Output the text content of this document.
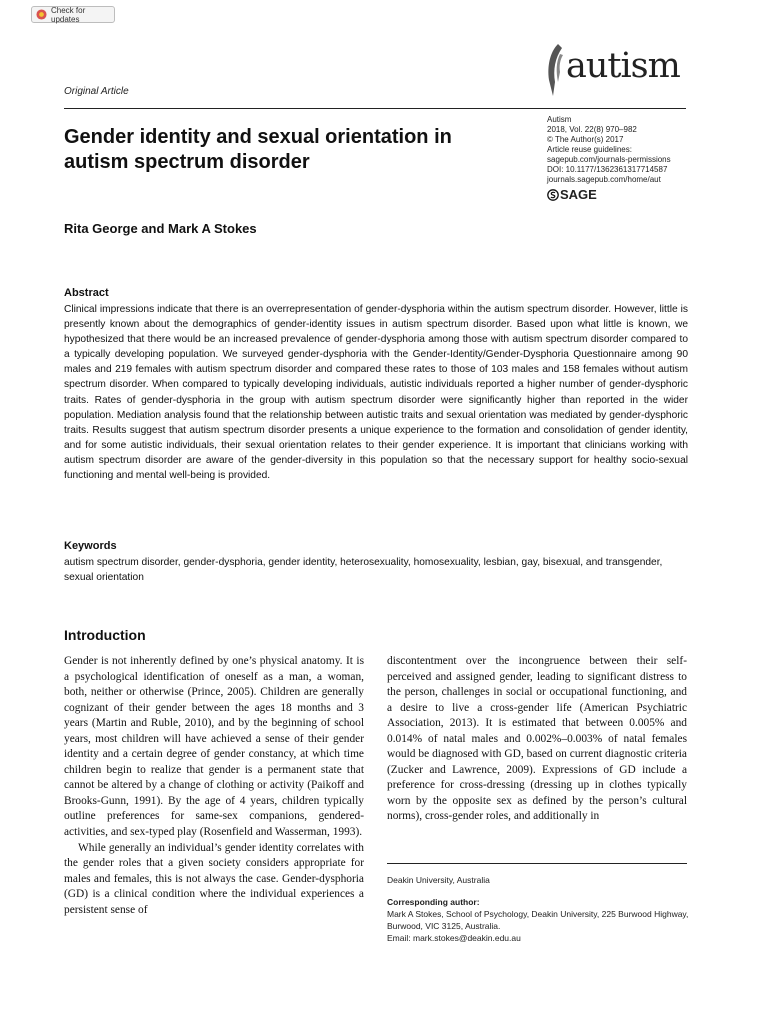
Check for updates
autism
Original Article
Gender identity and sexual orientation in autism spectrum disorder
Autism
2018, Vol. 22(8) 970–982
© The Author(s) 2017
Article reuse guidelines:
sagepub.com/journals-permissions
DOI: 10.1177/1362361317714587
journals.sagepub.com/home/aut
SAGE
Rita George and Mark A Stokes
Abstract

Clinical impressions indicate that there is an overrepresentation of gender-dysphoria within the autism spectrum disorder. However, little is presently known about the demographics of gender-identity issues in autism spectrum disorder. Based upon what little is known, we hypothesized that there would be an increased prevalence of gender-dysphoria among those with autism spectrum disorder compared to a typically developing population. We surveyed gender-dysphoria with the Gender-Identity/Gender-Dysphoria Questionnaire among 90 males and 219 females with autism spectrum disorder and compared these rates to those of 103 males and 158 females without autism spectrum disorder. When compared to typically developing individuals, autistic individuals reported a higher number of gender-dysphoric traits. Rates of gender-dysphoria in the group with autism spectrum disorder were significantly higher than reported in the wider population. Mediation analysis found that the relationship between autistic traits and sexual orientation was mediated by gender-dysphoric traits. Results suggest that autism spectrum disorder presents a unique experience to the formation and consolidation of gender identity, and for some autistic individuals, their sexual orientation relates to their gender experience. It is important that clinicians working with autism spectrum disorder are aware of the gender-diversity in this population so that the necessary support for healthy socio-sexual functioning and mental well-being is provided.

Keywords

autism spectrum disorder, gender-dysphoria, gender identity, heterosexuality, homosexuality, lesbian, gay, bisexual, and transgender, sexual orientation

Introduction

Gender is not inherently defined by one’s physical anatomy. It is a psychological identification of oneself as a man, a woman, both, neither or otherwise (Prince, 2005). Children are generally cognizant of their gender between the ages 18 months and 3 years (Martin and Ruble, 2010), and by the beginning of school years, most children will have achieved a sense of their gender identity and a certain degree of gender constancy, at which time children begin to realize that gender is a permanent state that cannot be altered by a change of clothing or activity (Paikoff and Brooks-Gunn, 1991). By the age of 4 years, children typically outline preferences for same-sex companions, gendered-activities, and sex-typed play (Rosenfield and Wasserman, 1993).

While generally an individual’s gender identity correlates with the gender roles that a given society considers appropriate for males and females, this is not always the case. Gender-dysphoria (GD) is a clinical condition where the individual experiences a persistent sense of

discontentment over the incongruence between their self-perceived and assigned gender, leading to significant distress to the person, challenges in social or occupational functioning, and a desire to live a cross-gender life (American Psychiatric Association, 2013). It is estimated that between 0.005% and 0.014% of natal males and 0.002%–0.003% of natal females would be diagnosed with GD, based on current diagnostic criteria (Zucker and Lawrence, 2009). Expressions of GD include a preference for cross-dressing (dressing up in clothes typically worn by the opposite sex as defined by the person’s cultural norms), cross-gender roles, and additionally in

Deakin University, Australia
Corresponding author:
Mark A Stokes, School of Psychology, Deakin University, 225 Burwood Highway, Burwood, VIC 3125, Australia.
Email: mark.stokes@deakin.edu.au
